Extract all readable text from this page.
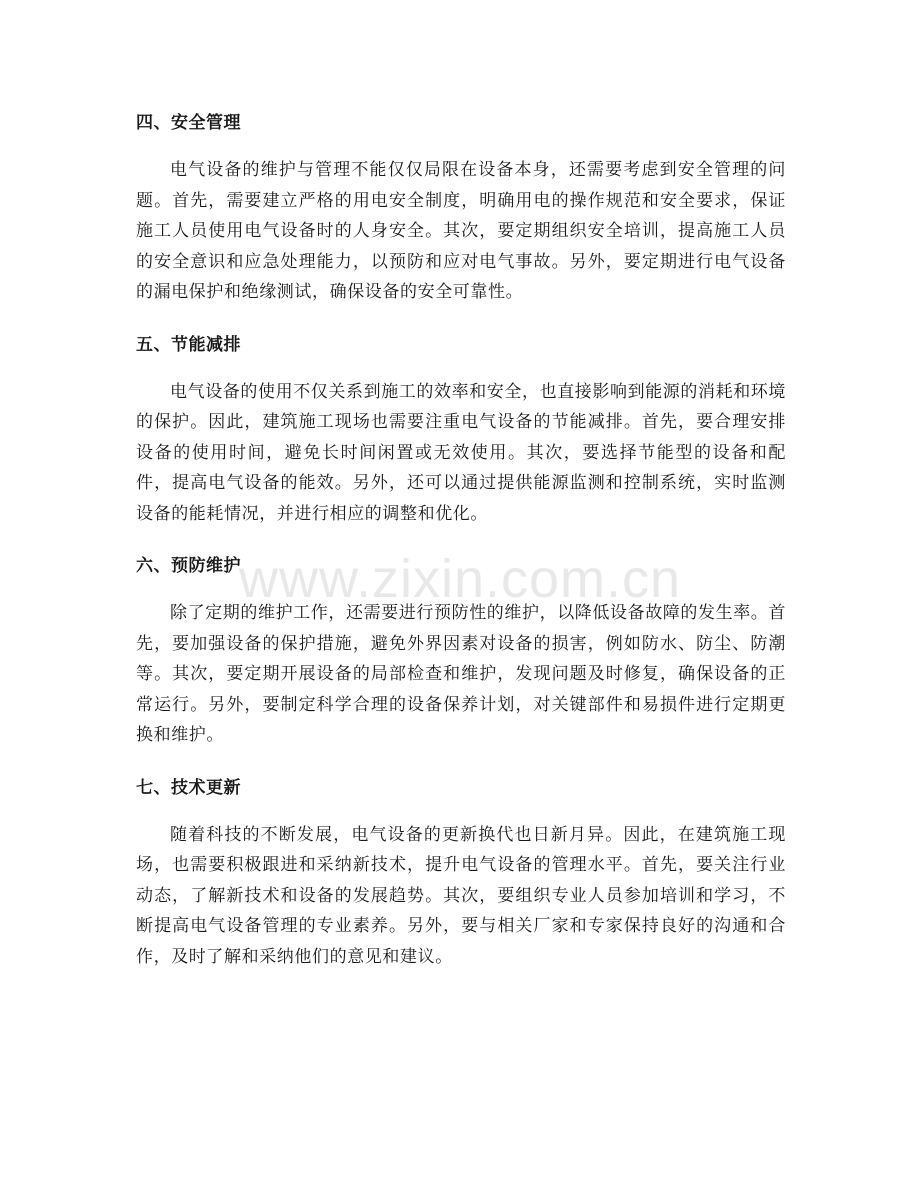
四、安全管理

电气设备的维护与管理不能仅仅局限在设备本身，还需要考虑到安全管理的问题。首先，需要建立严格的用电安全制度，明确用电的操作规范和安全要求，保证施工人员使用电气设备时的人身安全。其次，要定期组织安全培训，提高施工人员的安全意识和应急处理能力，以预防和应对电气事故。另外，要定期进行电气设备的漏电保护和绝缘测试，确保设备的安全可靠性。

五、节能减排

电气设备的使用不仅关系到施工的效率和安全，也直接影响到能源的消耗和环境的保护。因此，建筑施工现场也需要注重电气设备的节能减排。首先，要合理安排设备的使用时间，避免长时间闲置或无效使用。其次，要选择节能型的设备和配件，提高电气设备的能效。另外，还可以通过提供能源监测和控制系统，实时监测设备的能耗情况，并进行相应的调整和优化。

六、预防维护

除了定期的维护工作，还需要进行预防性的维护，以降低设备故障的发生率。首先，要加强设备的保护措施，避免外界因素对设备的损害，例如防水、防尘、防潮等。其次，要定期开展设备的局部检查和维护，发现问题及时修复，确保设备的正常运行。另外，要制定科学合理的设备保养计划，对关键部件和易损件进行定期更换和维护。

七、技术更新

随着科技的不断发展，电气设备的更新换代也日新月异。因此，在建筑施工现场，也需要积极跟进和采纳新技术，提升电气设备的管理水平。首先，要关注行业动态，了解新技术和设备的发展趋势。其次，要组织专业人员参加培训和学习，不断提高电气设备管理的专业素养。另外，要与相关厂家和专家保持良好的沟通和合作，及时了解和采纳他们的意见和建议。

www.zixin.com.cn
